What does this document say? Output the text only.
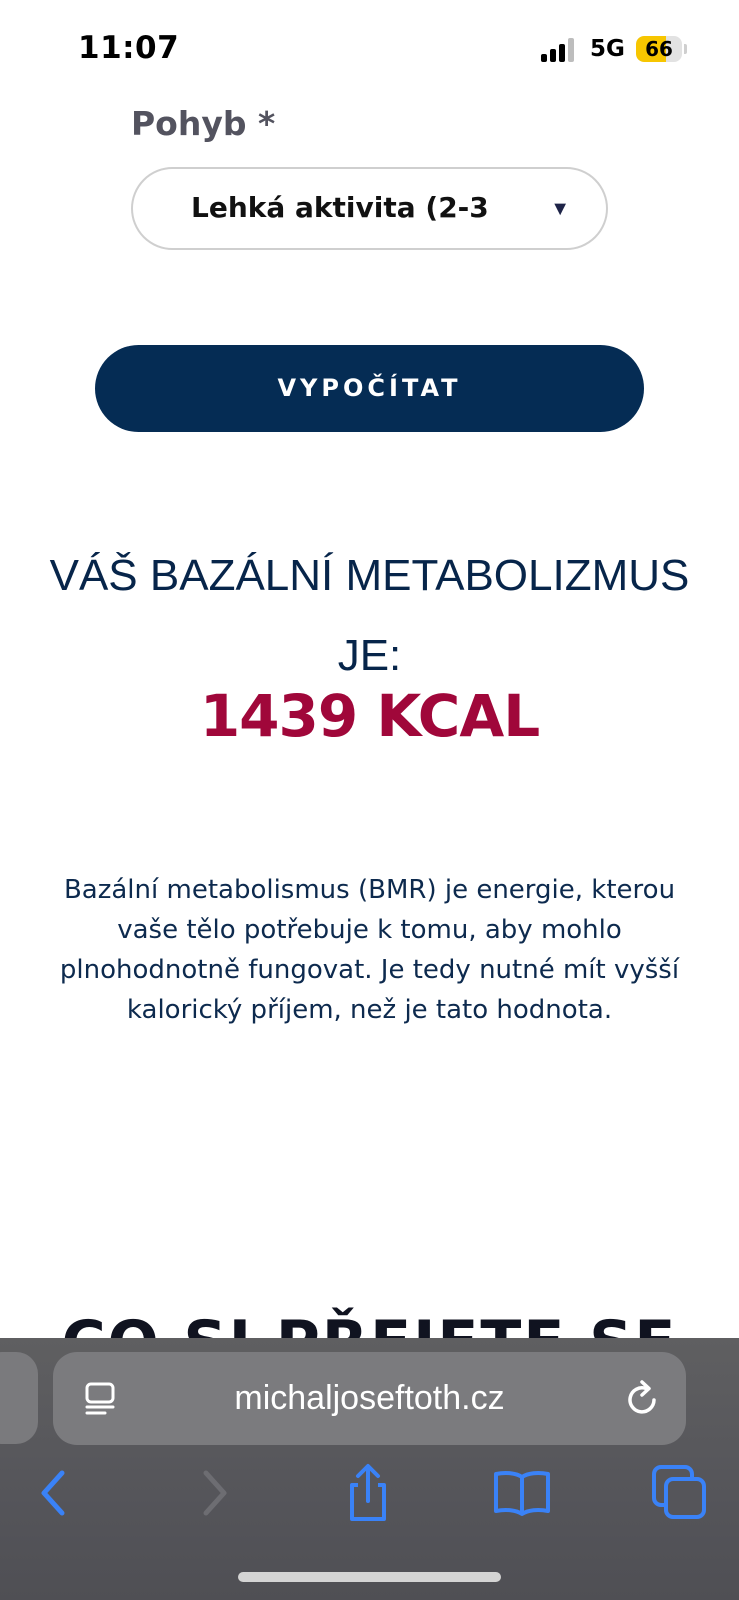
11:07	5G	66
Pohyb *
Lehká aktivita (2-3	▼
VYPOČÍTAT
VÁŠ BAZÁLNÍ METABOLIZMUS
JE:
1439 KCAL
Bazální metabolismus (BMR) je energie, kterou vaše tělo potřebuje k tomu, aby mohlo plnohodnotně fungovat. Je tedy nutné mít vyšší kalorický příjem, než je tato hodnota.
michaljoseftoth.cz
